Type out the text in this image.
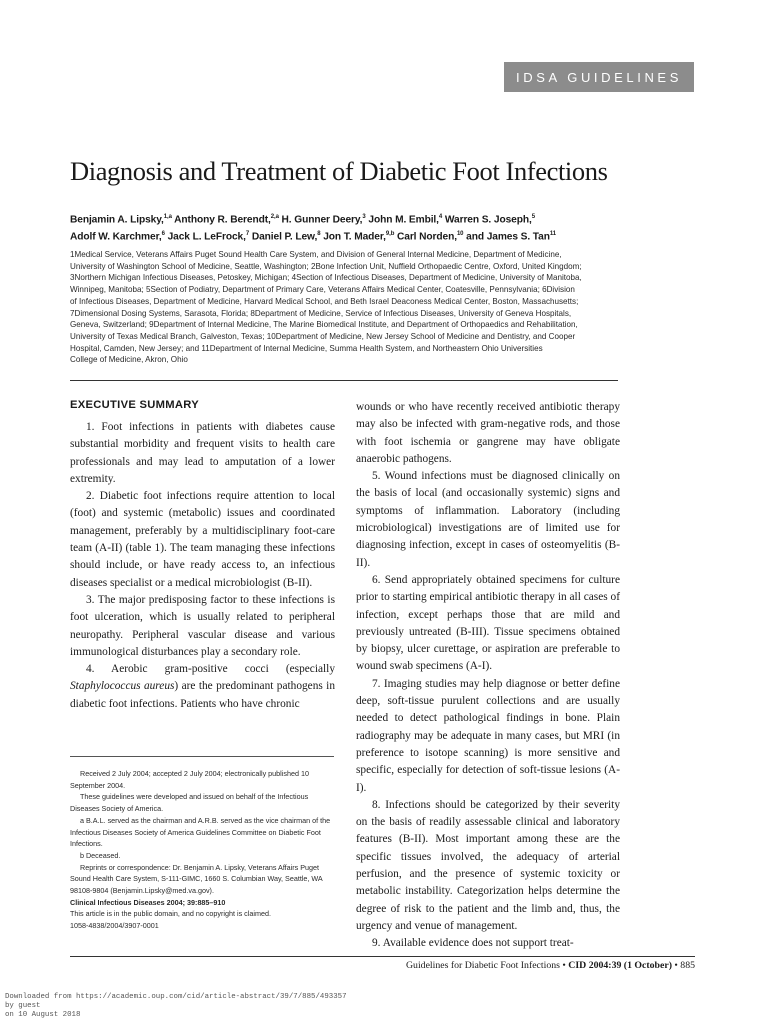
IDSA GUIDELINES
Diagnosis and Treatment of Diabetic Foot Infections
Benjamin A. Lipsky,$^{1,a}$ Anthony R. Berendt,$^{2,a}$ H. Gunner Deery,$^3$ John M. Embil,$^4$ Warren S. Joseph,$^5$
Adolf W. Karchmer,$^6$ Jack L. LeFrock,$^7$ Daniel P. Lew,$^8$ Jon T. Mader,$^{9,b}$ Carl Norden,$^{10}$ and James S. Tan$^{11}$
1Medical Service, Veterans Affairs Puget Sound Health Care System, and Division of General Internal Medicine, Department of Medicine,
University of Washington School of Medicine, Seattle, Washington; 2Bone Infection Unit, Nuffield Orthopaedic Centre, Oxford, United Kingdom;
3Northern Michigan Infectious Diseases, Petoskey, Michigan; 4Section of Infectious Diseases, Department of Medicine, University of Manitoba,
Winnipeg, Manitoba; 5Section of Podiatry, Department of Primary Care, Veterans Affairs Medical Center, Coatesville, Pennsylvania; 6Division
of Infectious Diseases, Department of Medicine, Harvard Medical School, and Beth Israel Deaconess Medical Center, Boston, Massachusetts;
7Dimensional Dosing Systems, Sarasota, Florida; 8Department of Medicine, Service of Infectious Diseases, University of Geneva Hospitals,
Geneva, Switzerland; 9Department of Internal Medicine, The Marine Biomedical Institute, and Department of Orthopaedics and Rehabilitation,
University of Texas Medical Branch, Galveston, Texas; 10Department of Medicine, New Jersey School of Medicine and Dentistry, and Cooper
Hospital, Camden, New Jersey; and 11Department of Internal Medicine, Summa Health System, and Northeastern Ohio Universities
College of Medicine, Akron, Ohio
EXECUTIVE SUMMARY

1. Foot infections in patients with diabetes cause substantial morbidity and frequent visits to health care professionals and may lead to amputation of a lower extremity.

2. Diabetic foot infections require attention to local (foot) and systemic (metabolic) issues and coordinated management, preferably by a multidisciplinary foot-care team (A-II) (table 1). The team managing these infections should include, or have ready access to, an infectious diseases specialist or a medical microbiologist (B-II).

3. The major predisposing factor to these infections is foot ulceration, which is usually related to peripheral neuropathy. Peripheral vascular disease and various immunological disturbances play a secondary role.

4. Aerobic gram-positive cocci (especially Staphylococcus aureus) are the predominant pathogens in diabetic foot infections. Patients who have chronic

Received 2 July 2004; accepted 2 July 2004; electronically published 10 September 2004.

These guidelines were developed and issued on behalf of the Infectious Diseases Society of America.

a B.A.L. served as the chairman and A.R.B. served as the vice chairman of the Infectious Diseases Society of America Guidelines Committee on Diabetic Foot Infections.

b Deceased.

Reprints or correspondence: Dr. Benjamin A. Lipsky, Veterans Affairs Puget Sound Health Care System, S-111-GIMC, 1660 S. Columbian Way, Seattle, WA 98108-9804 (Benjamin.Lipsky@med.va.gov).

Clinical Infectious Diseases 2004; 39:885–910

This article is in the public domain, and no copyright is claimed.

1058-4838/2004/3907-0001

wounds or who have recently received antibiotic therapy may also be infected with gram-negative rods, and those with foot ischemia or gangrene may have obligate anaerobic pathogens.

5. Wound infections must be diagnosed clinically on the basis of local (and occasionally systemic) signs and symptoms of inflammation. Laboratory (including microbiological) investigations are of limited use for diagnosing infection, except in cases of osteomyelitis (B-II).

6. Send appropriately obtained specimens for culture prior to starting empirical antibiotic therapy in all cases of infection, except perhaps those that are mild and previously untreated (B-III). Tissue specimens obtained by biopsy, ulcer curettage, or aspiration are preferable to wound swab specimens (A-I).

7. Imaging studies may help diagnose or better define deep, soft-tissue purulent collections and are usually needed to detect pathological findings in bone. Plain radiography may be adequate in many cases, but MRI (in preference to isotope scanning) is more sensitive and specific, especially for detection of soft-tissue lesions (A-I).

8. Infections should be categorized by their severity on the basis of readily assessable clinical and laboratory features (B-II). Most important among these are the specific tissues involved, the adequacy of arterial perfusion, and the presence of systemic toxicity or metabolic instability. Categorization helps determine the degree of risk to the patient and the limb and, thus, the urgency and venue of management.

9. Available evidence does not support treat-

Guidelines for Diabetic Foot Infections • CID 2004:39 (1 October) • 885
Downloaded from https://academic.oup.com/cid/article-abstract/39/7/885/493357
by guest
on 10 August 2018
